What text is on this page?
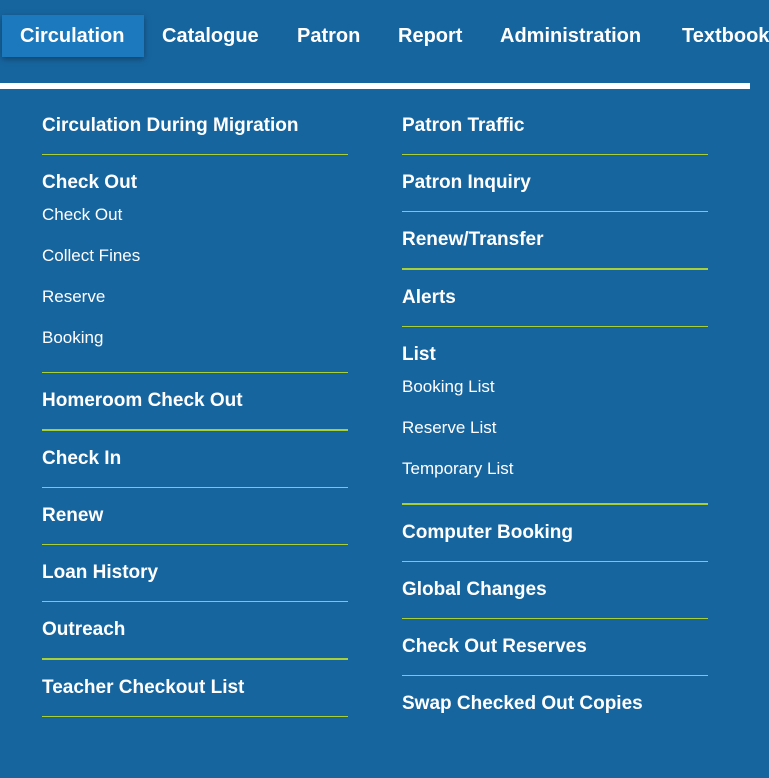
Circulation	Catalogue Patron Report Administration Textbook
Circulation During Migration
Check Out
Check Out
Collect Fines
Reserve
Booking
Homeroom Check Out
Check In
Renew
Loan History
Outreach
Teacher Checkout List
Patron Traffic
Patron Inquiry
Renew/Transfer
Alerts
List
Booking List
Reserve List
Temporary List
Computer Booking
Global Changes
Check Out Reserves
Swap Checked Out Copies
